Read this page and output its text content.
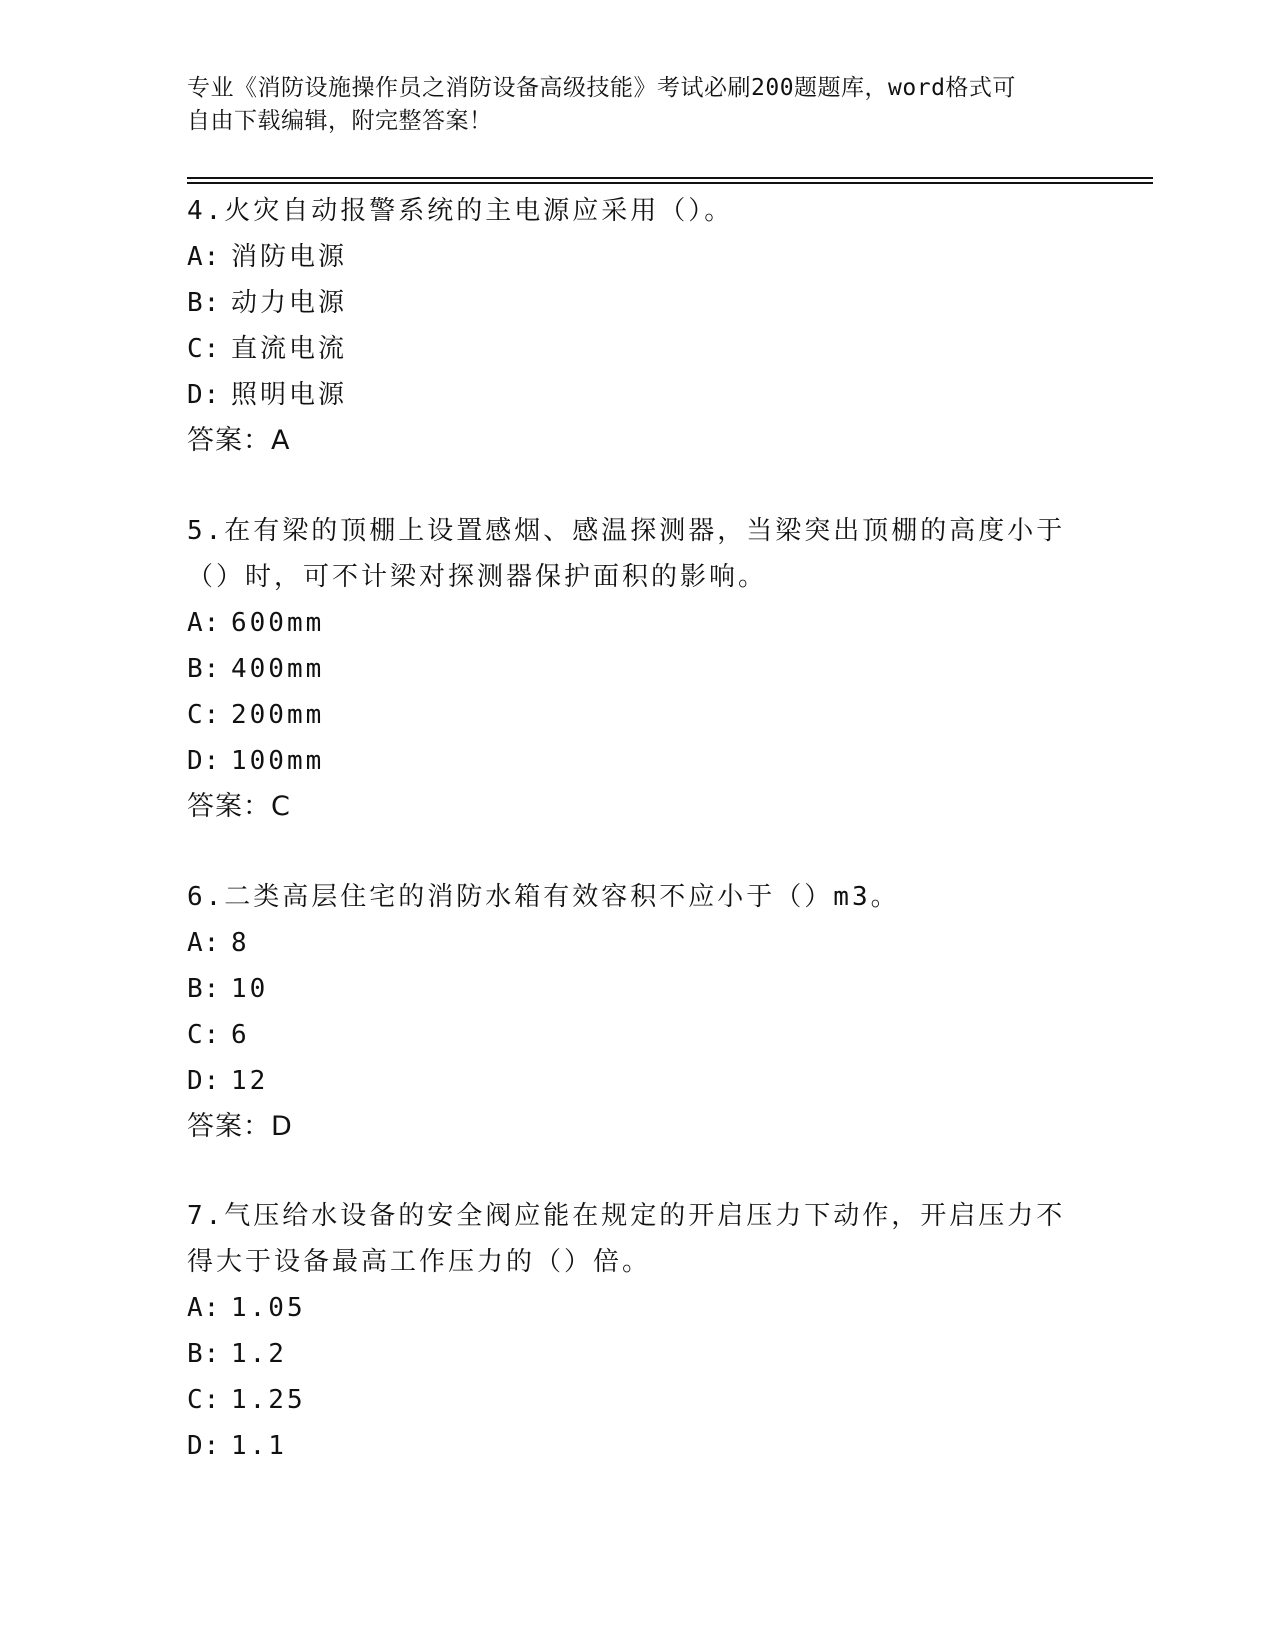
专业《消防设施操作员之消防设备高级技能》考试必刷200题题库，word格式可
自由下载编辑，附完整答案！

4.火灾自动报警系统的主电源应采用（）。

A: 消防电源

B: 动力电源

C: 直流电流

D: 照明电源

答案：A

5.在有梁的顶棚上设置感烟、感温探测器，当梁突出顶棚的高度小于（）时，可不计梁对探测器保护面积的影响。

A: 600mm

B: 400mm

C: 200mm

D: 100mm

答案：C

6.二类高层住宅的消防水箱有效容积不应小于（）m3。

A: 8

B: 10

C: 6

D: 12

答案：D

7.气压给水设备的安全阀应能在规定的开启压力下动作，开启压力不得大于设备最高工作压力的（）倍。

A: 1.05

B: 1.2

C: 1.25

D: 1.1
